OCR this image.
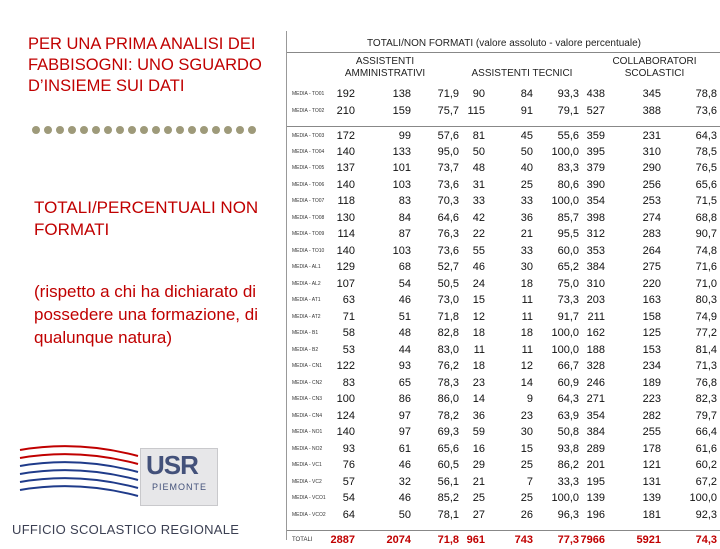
PER UNA PRIMA ANALISI DEI FABBISOGNI: UNO SGUARDO D’INSIEME SUI DATI
TOTALI/PERCENTUALI NON FORMATI
(rispetto a chi ha dichiarato di possedere una formazione, di qualunque natura)
USR
PIEMONTE
UFFICIO SCOLASTICO REGIONALE
TOTALI/NON FORMATI (valore assoluto - valore percentuale)
ASSISTENTI AMMINISTRATIVI	ASSISTENTI TECNICI
COLLABORATORI SCOLASTICI
MEDIA - TO01	192	138	71,9	90	84	93,3 438	345	78,8
MEDIA - TO02	210	159	75,7 115	91	79,1 527	388	73,6
MEDIA - TO03	172	99	57,6	81	45	55,6 359	231	64,3
MEDIA - TO04	140	133	95,0	50	50	100,0 395	310	78,5
MEDIA - TO05	137	101	73,7	48	40	83,3 379	290	76,5
MEDIA - TO06	140	103	73,6	31	25	80,6 390	256	65,6
MEDIA - TO07	118	83	70,3	33	33	100,0 354	253	71,5
MEDIA - TO08	130	84	64,6	42	36	85,7 398	274	68,8
MEDIA - TO09	114	87	76,3	22	21	95,5 312	283	90,7
MEDIA - TO10	140	103	73,6	55	33	60,0 353	264	74,8
MEDIA - AL1	129	68	52,7	46	30	65,2 384	275	71,6
MEDIA - AL2	107	54	50,5	24	18	75,0 310	220	71,0
MEDIA - AT1	63	46	73,0	15	11	73,3 203	163	80,3
MEDIA - AT2	71	51	71,8	12	11	91,7 211	158	74,9
MEDIA - B1	58	48	82,8	18	18	100,0 162	125	77,2
MEDIA - B2	53	44	83,0	11	11	100,0 188	153	81,4
MEDIA - CN1	122	93	76,2	18	12	66,7 328	234	71,3
MEDIA - CN2	83	65	78,3	23	14	60,9 246	189	76,8
MEDIA - CN3	100	86	86,0	14	9	64,3 271	223	82,3
MEDIA - CN4	124	97	78,2	36	23	63,9 354	282	79,7
MEDIA - NO1	140	97	69,3	59	30	50,8 384	255	66,4
MEDIA - NO2	93	61	65,6	16	15	93,8 289	178	61,6
MEDIA - VC1	76	46	60,5	29	25	86,2 201	121	60,2
MEDIA - VC2	57	32	56,1	21	7	33,3 195	131	67,2
MEDIA - VCO1	54	46	85,2	25	25	100,0 139	139	100,0
MEDIA - VCO2	64	50	78,1	27	26	96,3 196	181	92,3
TOTALI	2887	2074	71,8 961	743	77,3 7966	5921	74,3
